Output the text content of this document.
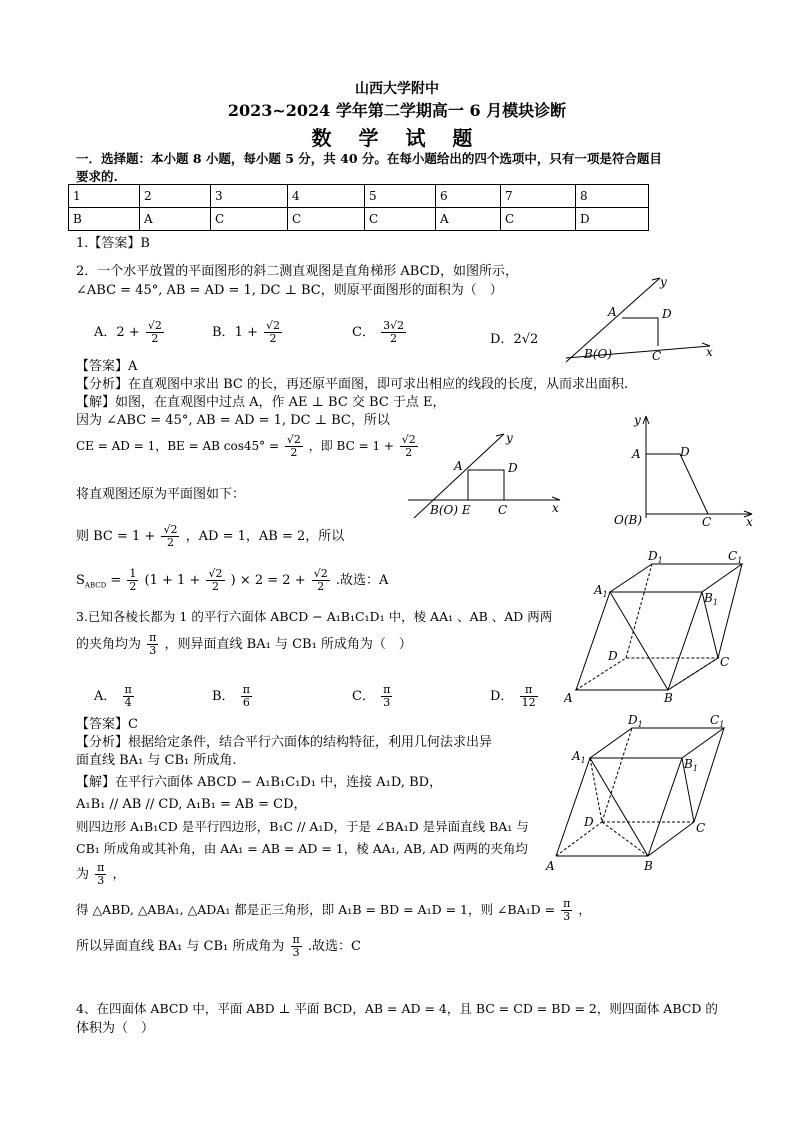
山西大学附中
2023~2024 学年第二学期高一 6 月模块诊断
数 学 试 题
一．选择题：本小题 8 小题，每小题 5 分，共 40 分。在每小题给出的四个选项中，只有一项是符合题目
要求的.
1	2	3	4	5	6	7	8
B	A	C	C	C	A	C	D
1.【答案】B
2．一个水平放置的平面图形的斜二测直观图是直角梯形 ABCD，如图所示，
∠ABC = 45°, AB = AD = 1, DC ⊥ BC，则原平面图形的面积为（　）
A．$2 + \frac{√2}{2}$	B．$1 + \frac{√2}{2}$	C． $\frac{3√2}{2}$	D．2√2
【答案】A
【分析】在直观图中求出 BC 的长，再还原平面图，即可求出相应的线段的长度，从而求出面积.
【解】如图，在直观图中过点 A，作 AE ⊥ BC 交 BC 于点 E，
因为 ∠ABC = 45°, AB = AD = 1, DC ⊥ BC，所以
CE = AD = 1，BE = AB $\cos 45^\circ = \frac{√2}{2}$ ，即 BC = $1 + \frac{√2}{2}$
将直观图还原为平面图如下：
则 BC = $1 + \frac{√2}{2}$ ，AD = 1，AB = 2，所以
$S_{ABCD} = \frac{1}{2} (1 + 1 + \frac{√2}{2}$ ) × $2 = 2 + \frac{√2}{2}$ .故选：A
3.已知各棱长都为 1 的平行六面体 ABCD − A₁B₁C₁D₁ 中，棱 AA₁ 、AB 、AD 两两
的夹角均为 $\frac{\pi}{3}$ ，则异面直线 BA₁ 与 CB₁ 所成角为（　）
A． $\frac{\pi}{4}$	B． $\frac{\pi}{6}$	C． $\frac{\pi}{3}$	D． $\frac{\pi}{12}$
【答案】C
【分析】根据给定条件，结合平行六面体的结构特征，利用几何法求出异
面直线 BA₁ 与 CB₁ 所成角.
【解】在平行六面体 ABCD − A₁B₁C₁D₁ 中，连接 A₁D, BD，
A₁B₁ // AB // CD, A₁B₁ = AB = CD，
则四边形 A₁B₁CD 是平行四边形，B₁C // A₁D，于是 ∠BA₁D 是异面直线 BA₁ 与
CB₁ 所成角或其补角，由 AA₁ = AB = AD = 1，棱 AA₁, AB, AD 两两的夹角均
为 $\frac{\pi}{3}$ ，
得 △ABD, △ABA₁, △ADA₁ 都是正三角形，即 A₁B = BD = A₁D = 1，则 ∠BA₁D = $\frac{\pi}{3}$ ，
所以异面直线 BA₁ 与 CB₁ 所成角为 $\frac{\pi}{3}$ .故选：C
4、在四面体 ABCD 中，平面 ABD ⊥ 平面 BCD，AB = AD = 4，且 BC = CD = BD = 2，则四面体 ABCD 的
体积为（　）
x
y
A	D
B(O)	C
x
y
A	D
B(O) E C
y
x
A	D
O(B)	C
A	B
C
D
$A_1$	$B_1$
$C_1$
$D_1$
A	B
C
D
$A_1$	$B_1$
$C_1$
$D_1$
